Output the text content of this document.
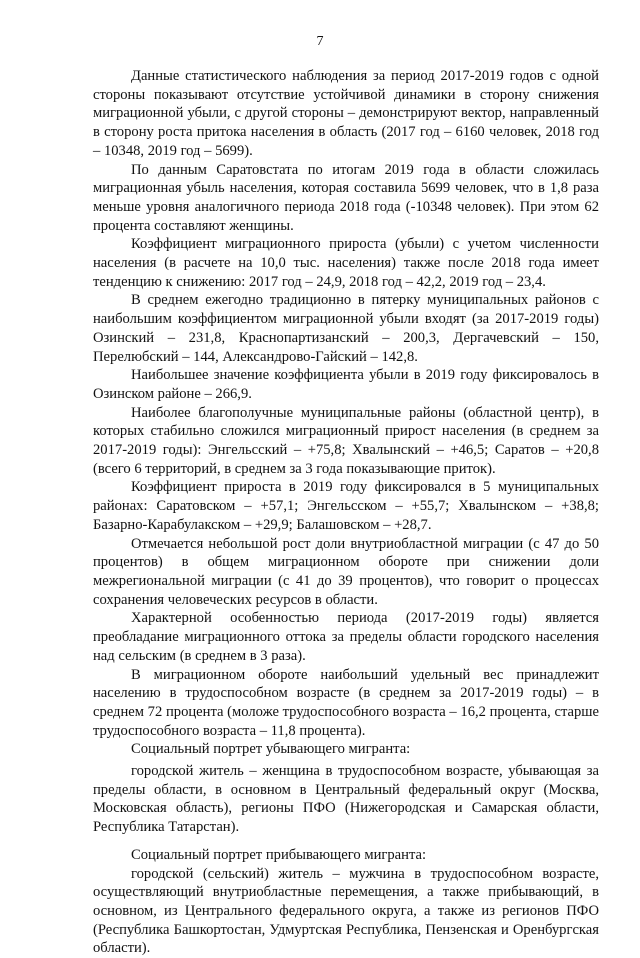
7

Данные статистического наблюдения за период 2017-2019 годов с одной стороны показывают отсутствие устойчивой динамики в сторону снижения миграционной убыли, с другой стороны – демонстрируют вектор, направленный в сторону роста притока населения в область (2017 год – 6160 человек, 2018 год – 10348, 2019 год – 5699).

По данным Саратовстата по итогам 2019 года в области сложилась миграционная убыль населения, которая составила 5699 человек, что в 1,8 раза меньше уровня аналогичного периода 2018 года (-10348 человек). При этом 62 процента составляют женщины.

Коэффициент миграционного прироста (убыли) с учетом численности населения (в расчете на 10,0 тыс. населения) также после 2018 года имеет тенденцию к снижению: 2017 год – 24,9, 2018 год – 42,2, 2019 год – 23,4.

В среднем ежегодно традиционно в пятерку муниципальных районов с наибольшим коэффициентом миграционной убыли входят (за 2017-2019 годы) Озинский – 231,8, Краснопартизанский – 200,3, Дергачевский – 150, Перелюбский – 144, Александрово-Гайский – 142,8.

Наибольшее значение коэффициента убыли в 2019 году фиксировалось в Озинском районе – 266,9.

Наиболее благополучные муниципальные районы (областной центр), в которых стабильно сложился миграционный прирост населения (в среднем за 2017-2019 годы): Энгельсский – +75,8; Хвалынский – +46,5; Саратов – +20,8 (всего 6 территорий, в среднем за 3 года показывающие приток).

Коэффициент прироста в 2019 году фиксировался в 5 муниципальных районах: Саратовском – +57,1; Энгельсском – +55,7; Хвалынском – +38,8; Базарно-Карабулакском – +29,9; Балашовском – +28,7.

Отмечается небольшой рост доли внутриобластной миграции (с 47 до 50 процентов) в общем миграционном обороте при снижении доли межрегиональной миграции (с 41 до 39 процентов), что говорит о процессах сохранения человеческих ресурсов в области.

Характерной особенностью периода (2017-2019 годы) является преобладание миграционного оттока за пределы области городского населения над сельским (в среднем в 3 раза).

В миграционном обороте наибольший удельный вес принадлежит населению в трудоспособном возрасте (в среднем за 2017-2019 годы) – в среднем 72 процента (моложе трудоспособного возраста – 16,2 процента, старше трудоспособного возраста – 11,8 процента).

Социальный портрет убывающего мигранта:

городской житель – женщина в трудоспособном возрасте, убывающая за пределы области, в основном в Центральный федеральный округ (Москва, Московская область), регионы ПФО (Нижегородская и Самарская области, Республика Татарстан).

Социальный портрет прибывающего мигранта:

городской (сельский) житель – мужчина в трудоспособном возрасте, осуществляющий внутриобластные перемещения, а также прибывающий, в основном, из Центрального федерального округа, а также из регионов ПФО (Республика Башкортостан, Удмуртская Республика, Пензенская и Оренбургская области).
